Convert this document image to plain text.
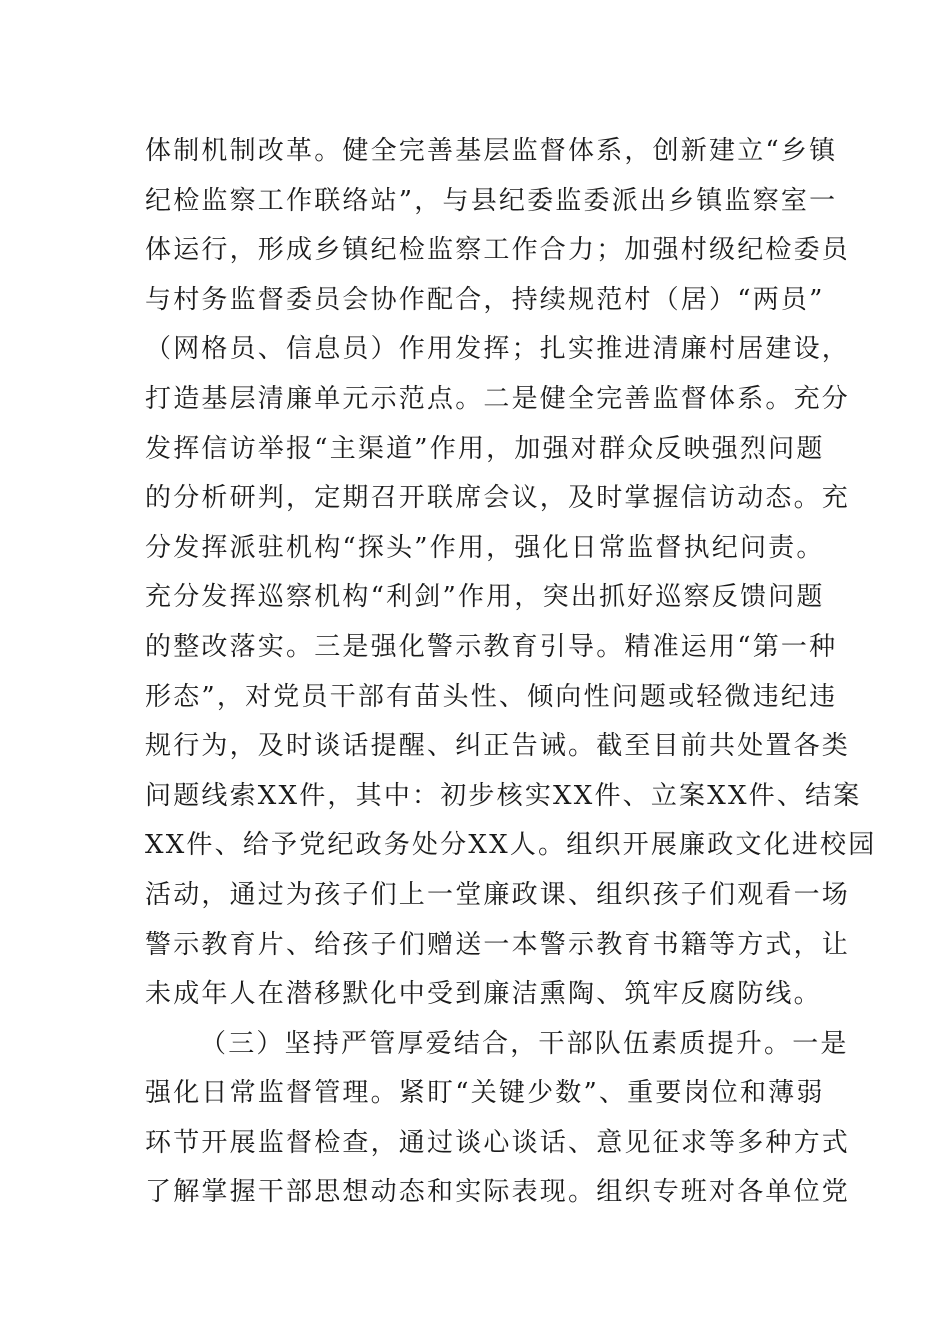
体制机制改革。健全完善基层监督体系，创新建立“乡镇
纪检监察工作联络站”，与县纪委监委派出乡镇监察室一
体运行，形成乡镇纪检监察工作合力；加强村级纪检委员
与村务监督委员会协作配合，持续规范村（居）“两员”
（网格员、信息员）作用发挥；扎实推进清廉村居建设，
打造基层清廉单元示范点。二是健全完善监督体系。充分
发挥信访举报“主渠道”作用，加强对群众反映强烈问题
的分析研判，定期召开联席会议，及时掌握信访动态。充
分发挥派驻机构“探头”作用，强化日常监督执纪问责。
充分发挥巡察机构“利剑”作用，突出抓好巡察反馈问题
的整改落实。三是强化警示教育引导。精准运用“第一种
形态”，对党员干部有苗头性、倾向性问题或轻微违纪违
规行为，及时谈话提醒、纠正告诫。截至目前共处置各类
问题线索XX件，其中：初步核实XX件、立案XX件、结案
XX件、给予党纪政务处分XX人。组织开展廉政文化进校园
活动，通过为孩子们上一堂廉政课、组织孩子们观看一场
警示教育片、给孩子们赠送一本警示教育书籍等方式，让
未成年人在潜移默化中受到廉洁熏陶、筑牢反腐防线。
（三）坚持严管厚爱结合，干部队伍素质提升。一是
强化日常监督管理。紧盯“关键少数”、重要岗位和薄弱
环节开展监督检查，通过谈心谈话、意见征求等多种方式
了解掌握干部思想动态和实际表现。组织专班对各单位党
